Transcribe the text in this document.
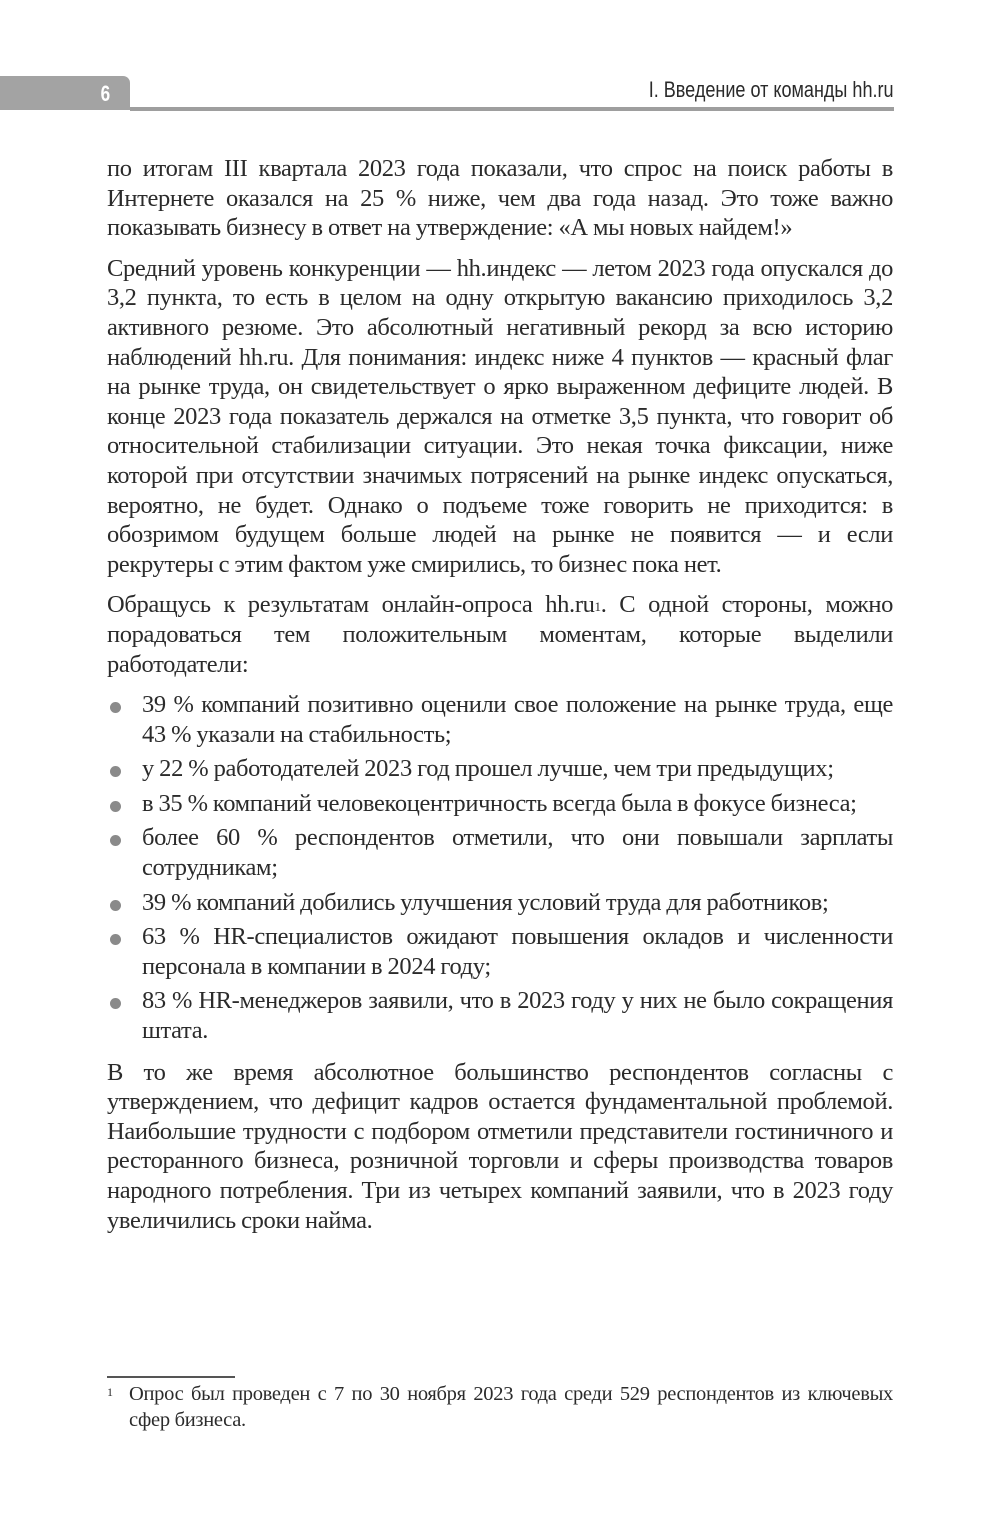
6	I. Введение от команды hh.ru

по итогам III квартала 2023 года показали, что спрос на поиск работы в Интернете оказался на 25 % ниже, чем два года назад. Это тоже важно показывать бизнесу в ответ на утверждение: «А мы новых найдем!»

Средний уровень конкуренции — hh.индекс — летом 2023 года опускался до 3,2 пункта, то есть в целом на одну открытую вакансию приходилось 3,2 активного резюме. Это абсолютный негативный рекорд за всю историю наблюдений hh.ru. Для понимания: индекс ниже 4 пунктов — красный флаг на рынке труда, он свидетельствует о ярко выраженном дефиците людей. В конце 2023 года показатель держался на отметке 3,5 пункта, что говорит об относительной стабилизации ситуации. Это некая точка фиксации, ниже которой при отсутствии значимых потрясений на рынке индекс опускаться, вероятно, не будет. Однако о подъеме тоже говорить не приходится: в обозримом будущем больше людей на рынке не появится — и если рекрутеры с этим фактом уже смирились, то бизнес пока нет.

Обращусь к результатам онлайн-опроса hh.ru$^1$. С одной стороны, можно порадоваться тем положительным моментам, которые выделили работодатели:

39 % компаний позитивно оценили свое положение на рынке труда, еще 43 % указали на стабильность;
у 22 % работодателей 2023 год прошел лучше, чем три предыдущих;
в 35 % компаний человекоцентричность всегда была в фокусе бизнеса;
более 60 % респондентов отметили, что они повышали зарплаты сотрудникам;
39 % компаний добились улучшения условий труда для работников;
63 % HR-специалистов ожидают повышения окладов и численности персонала в компании в 2024 году;
83 % HR-менеджеров заявили, что в 2023 году у них не было сокращения штата.

В то же время абсолютное большинство респондентов согласны с утверждением, что дефицит кадров остается фундаментальной проблемой. Наибольшие трудности с подбором отметили представители гостиничного и ресторанного бизнеса, розничной торговли и сферы производства товаров народного потребления. Три из четырех компаний заявили, что в 2023 году увеличились сроки найма.

1 Опрос был проведен с 7 по 30 ноября 2023 года среди 529 респондентов из ключевых сфер бизнеса.
